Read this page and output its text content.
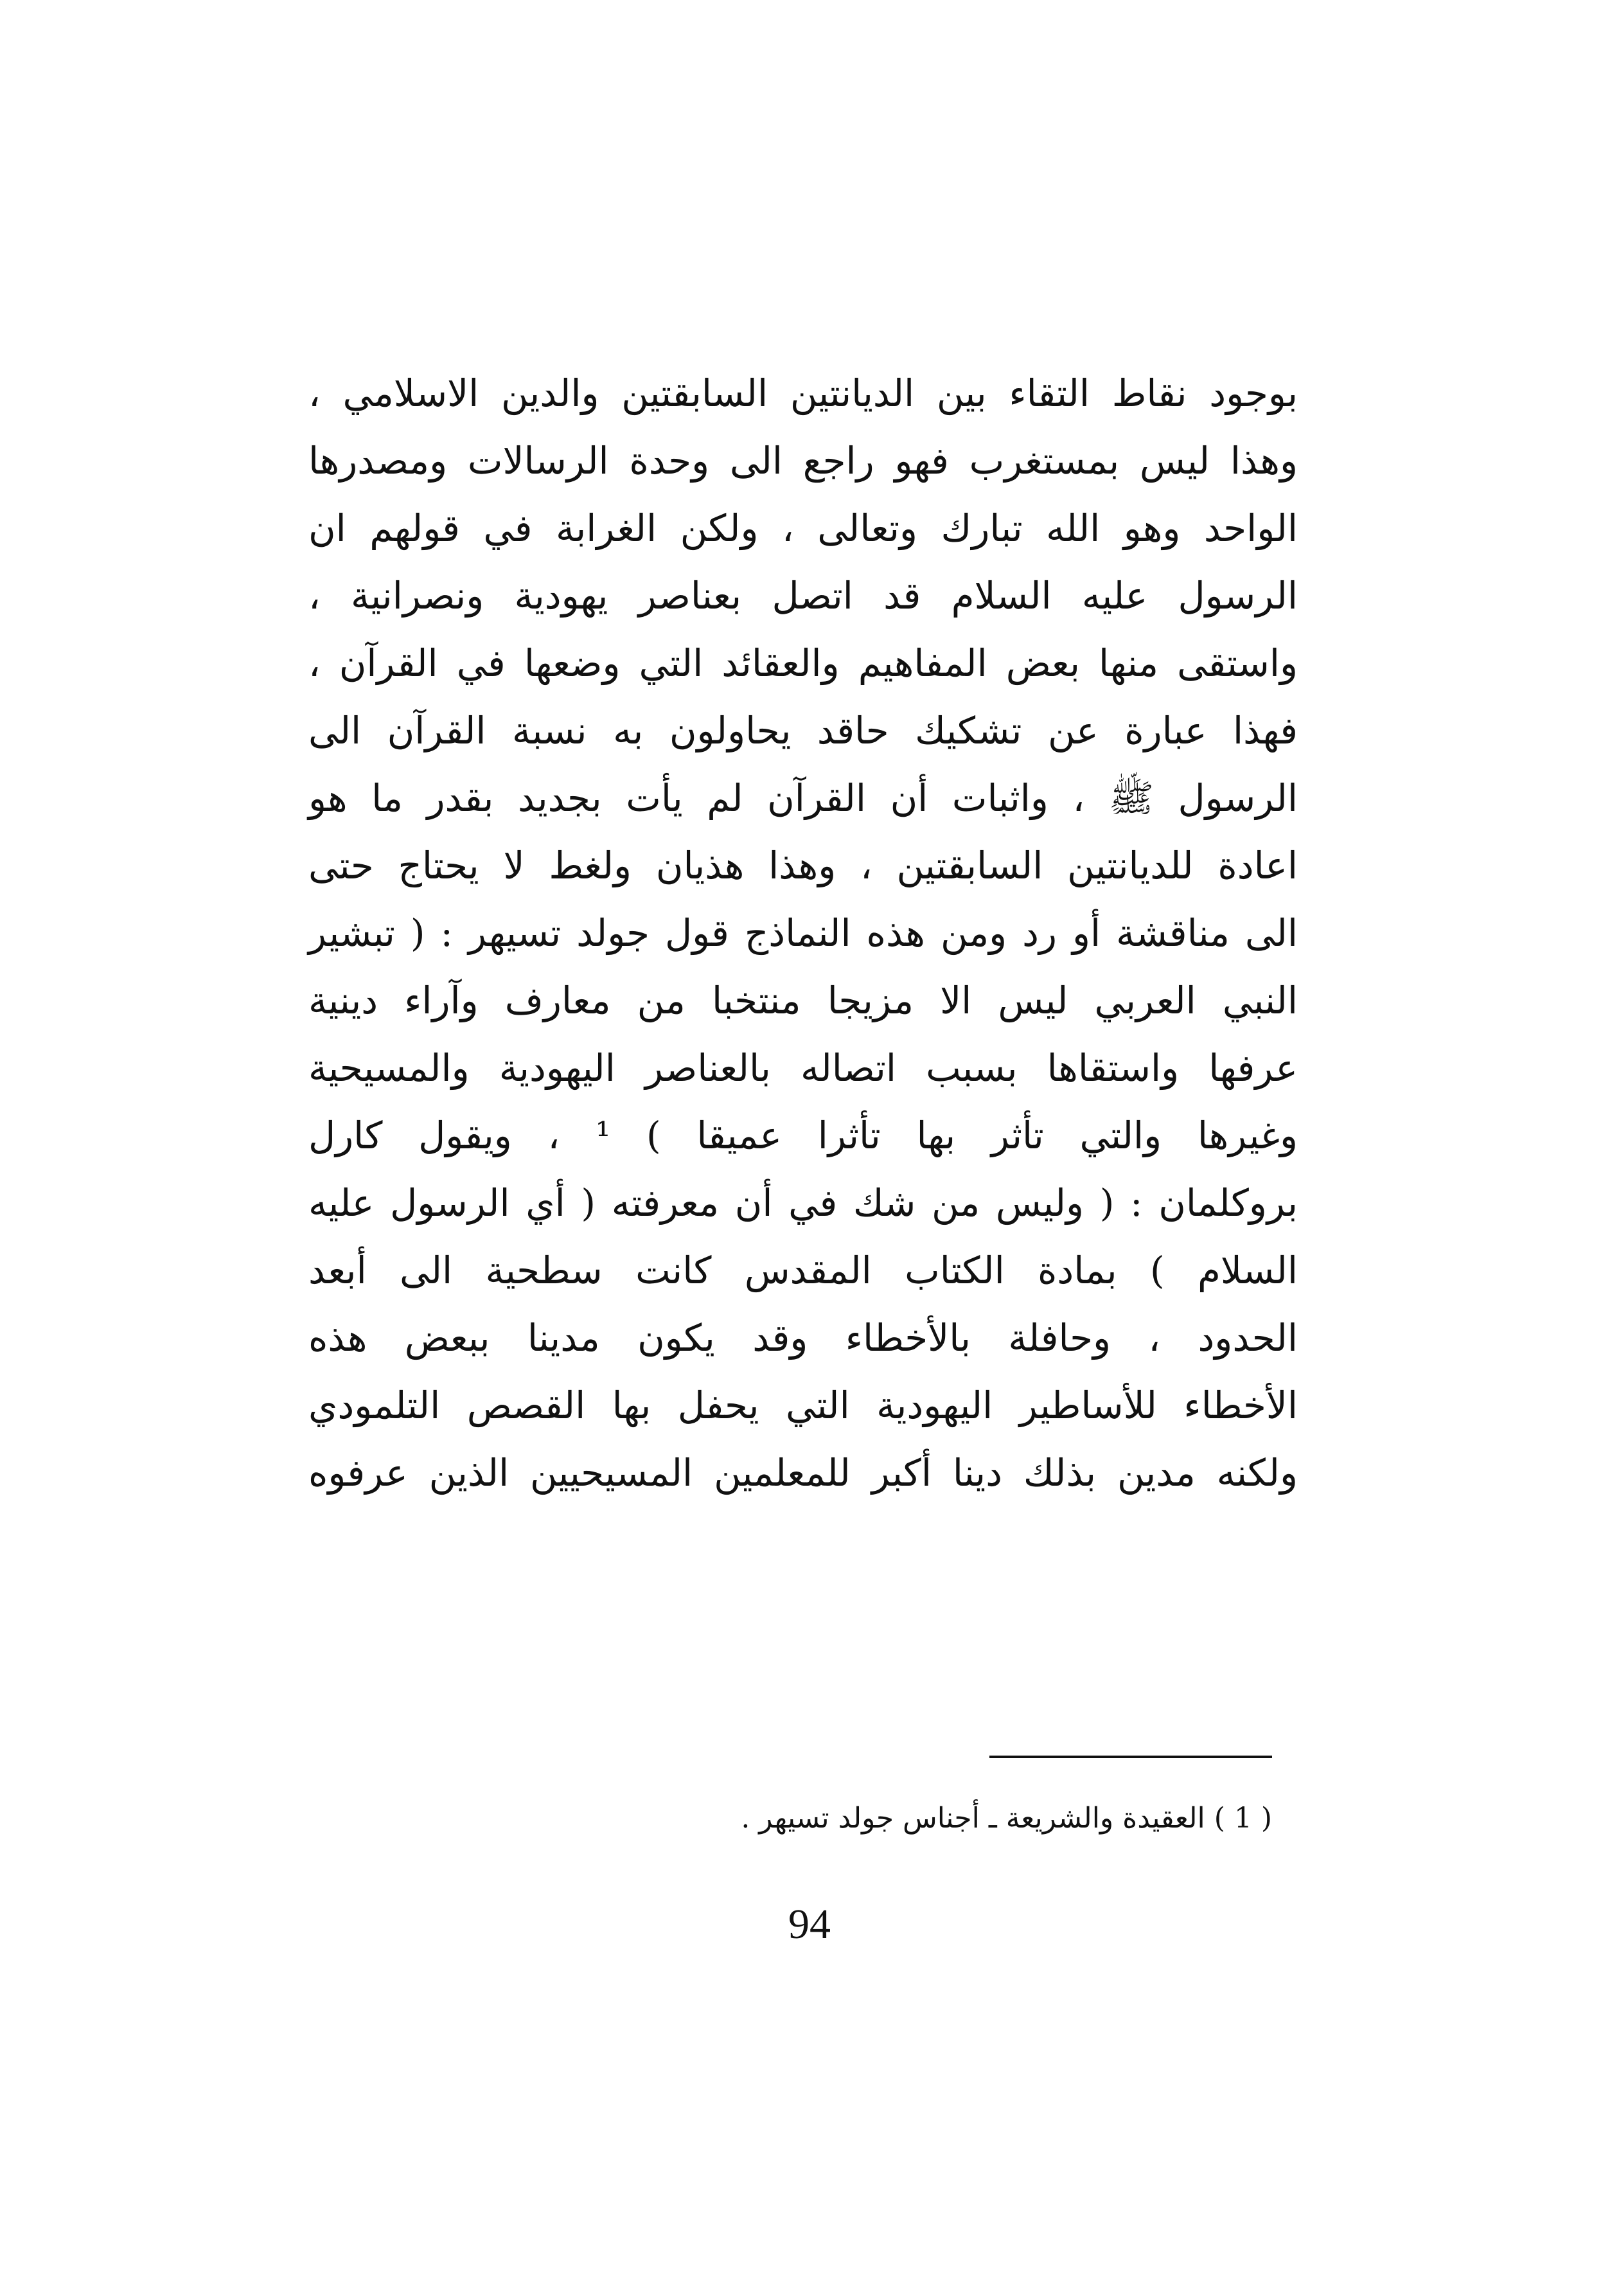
بوجود نقاط التقاء بين الديانتين السابقتين والدين الاسلامي ،
وهذا ليس بمستغرب فهو راجع الى وحدة الرسالات ومصدرها
الواحد وهو الله تبارك وتعالى ، ولكن الغرابة في قولهم ان
الرسول عليه السلام قد اتصل بعناصر يهودية ونصرانية ،
واستقى منها بعض المفاهيم والعقائد التي وضعها في القرآن ،
فهذا عبارة عن تشكيك حاقد يحاولون به نسبة القرآن الى
الرسول ﷺ ، واثبات أن القرآن لم يأت بجديد بقدر ما هو
اعادة للديانتين السابقتين ، وهذا هذيان ولغط لا يحتاج حتى
الى مناقشة أو رد ومن هذه النماذج قول جولد تسيهر : ( تبشير
النبي العربي ليس الا مزيجا منتخبا من معارف وآراء دينية
عرفها واستقاها بسبب اتصاله بالعناصر اليهودية والمسيحية
وغيرها والتي تأثر بها تأثرا عميقا ) ¹ ، ويقول كارل
بروكلمان : ( وليس من شك في أن معرفته ( أي الرسول عليه
السلام ) بمادة الكتاب المقدس كانت سطحية الى أبعد
الحدود ، وحافلة بالأخطاء وقد يكون مدينا ببعض هذه
الأخطاء للأساطير اليهودية التي يحفل بها القصص التلمودي
ولكنه مدين بذلك دينا أكبر للمعلمين المسيحيين الذين عرفوه
( 1 ) العقيدة والشريعة ـ أجناس جولد تسيهر .
94
